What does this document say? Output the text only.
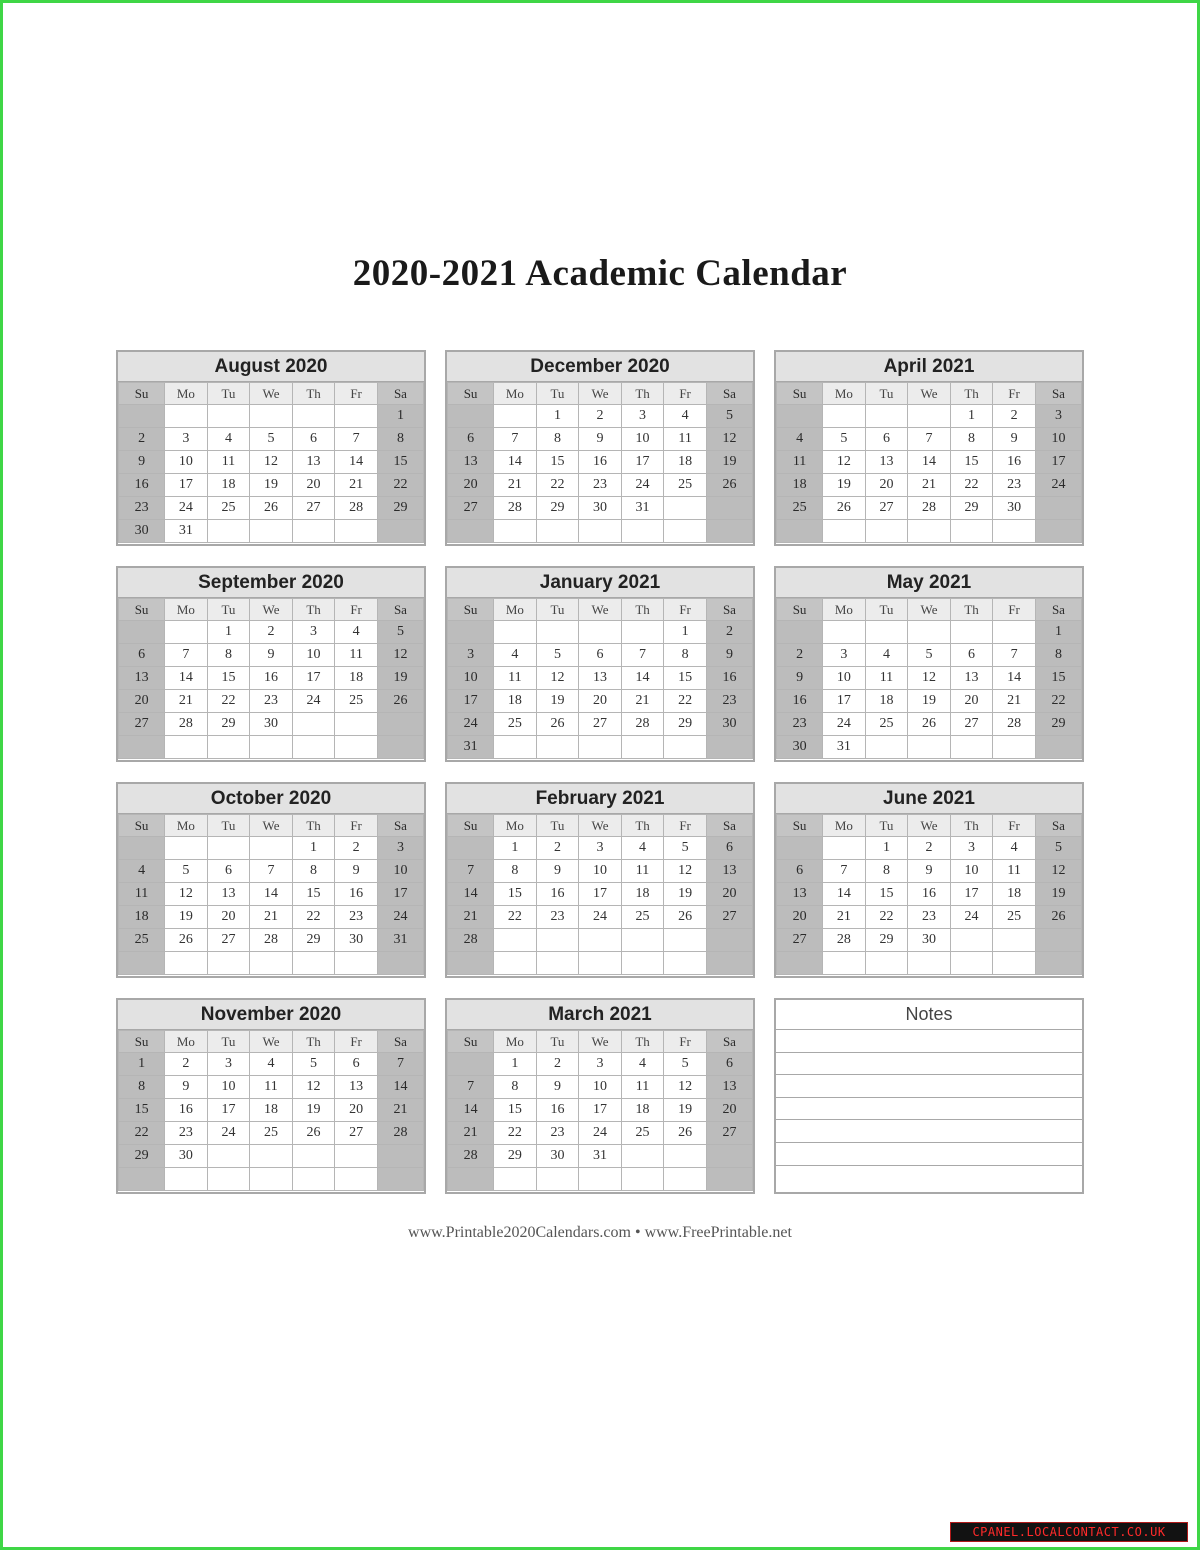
2020-2021 Academic Calendar
August 2020
Su	Mo	Tu	We	Th	Fr	Sa
						1
2	3	4	5	6	7	8
9	10	11	12	13	14	15
16	17	18	19	20	21	22
23	24	25	26	27	28	29
30	31					
December 2020
Su	Mo	Tu	We	Th	Fr	Sa
		1	2	3	4	5
6	7	8	9	10	11	12
13	14	15	16	17	18	19
20	21	22	23	24	25	26
27	28	29	30	31		

April 2021
Su	Mo	Tu	We	Th	Fr	Sa
				1	2	3
4	5	6	7	8	9	10
11	12	13	14	15	16	17
18	19	20	21	22	23	24
25	26	27	28	29	30	

September 2020
Su	Mo	Tu	We	Th	Fr	Sa
		1	2	3	4	5
6	7	8	9	10	11	12
13	14	15	16	17	18	19
20	21	22	23	24	25	26
27	28	29	30			

January 2021
Su	Mo	Tu	We	Th	Fr	Sa
					1	2
3	4	5	6	7	8	9
10	11	12	13	14	15	16
17	18	19	20	21	22	23
24	25	26	27	28	29	30
31						
May 2021
Su	Mo	Tu	We	Th	Fr	Sa
						1
2	3	4	5	6	7	8
9	10	11	12	13	14	15
16	17	18	19	20	21	22
23	24	25	26	27	28	29
30	31					
October 2020
Su	Mo	Tu	We	Th	Fr	Sa
				1	2	3
4	5	6	7	8	9	10
11	12	13	14	15	16	17
18	19	20	21	22	23	24
25	26	27	28	29	30	31

February 2021
Su	Mo	Tu	We	Th	Fr	Sa
	1	2	3	4	5	6
7	8	9	10	11	12	13
14	15	16	17	18	19	20
21	22	23	24	25	26	27
28						

June 2021
Su	Mo	Tu	We	Th	Fr	Sa
		1	2	3	4	5
6	7	8	9	10	11	12
13	14	15	16	17	18	19
20	21	22	23	24	25	26
27	28	29	30			

November 2020
Su	Mo	Tu	We	Th	Fr	Sa
1	2	3	4	5	6	7
8	9	10	11	12	13	14
15	16	17	18	19	20	21
22	23	24	25	26	27	28
29	30					

March 2021
Su	Mo	Tu	We	Th	Fr	Sa
	1	2	3	4	5	6
7	8	9	10	11	12	13
14	15	16	17	18	19	20
21	22	23	24	25	26	27
28	29	30	31			

Notes
www.Printable2020Calendars.com • www.FreePrintable.net
CPANEL.LOCALCONTACT.CO.UK
